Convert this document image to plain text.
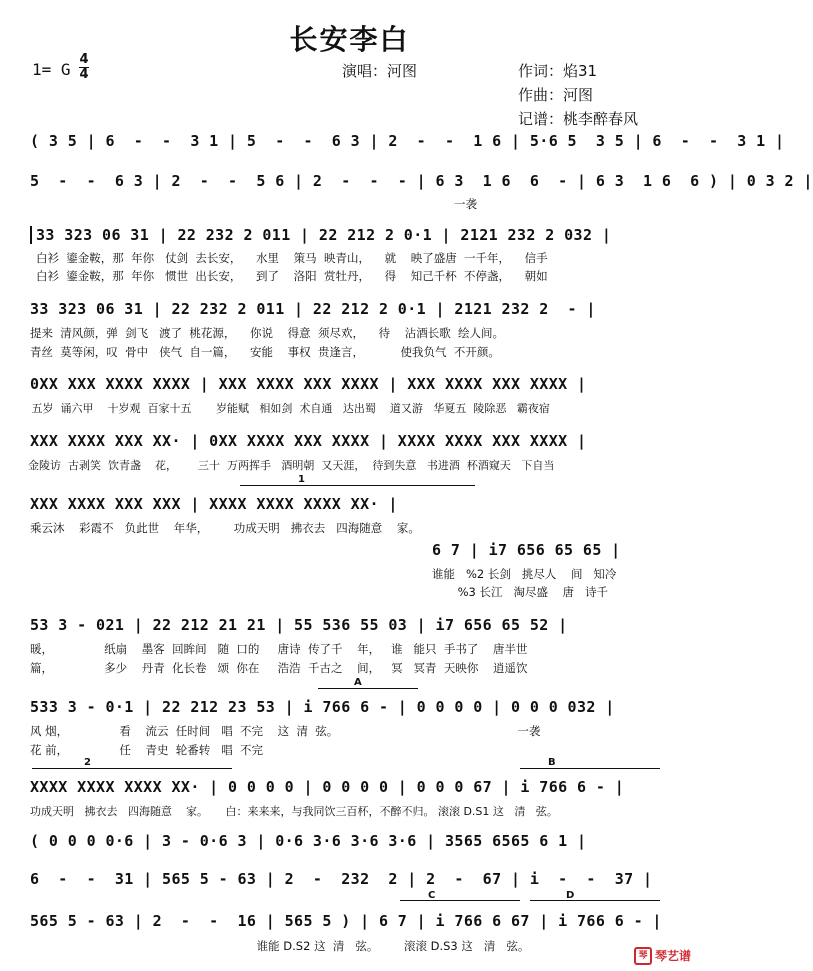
长安李白
演唱：河图	作词：焰31
作曲：河图
记谱：桃李醉春风
1= G
4
4
( 3 5 | 6  -  -  3 1 | 5  -  -  6 3 | 2  -  -  1 6 | 5·6 5  3 5 | 6  -  -  3 1 |
5  -  -  6 3 | 2  -  -  5 6 | 2  -  -  - | 6 3  1 6  6  - | 6 3  1 6  6 ) | 0 3 2 |
一袭
33 323 06 31 | 22 232 2 011 | 22 212 2 0·1 | 2121 232 2 032 |
白衫  鎏金鞍，那  年你   仗剑  去长安，    水里    策马  映青山，    就    映了盛唐  一千年，    信手
白衫  鎏金鞍，那  年你   惯世  出长安，    到了    洛阳  赏牡丹，    得    知己千杯  不停盏，    朝如
33 323 06 31 | 22 232 2 011 | 22 212 2 0·1 | 2121 232 2  - |
提来  清风颜，弹  剑飞   渡了  桃花源，    你说    得意  须尽欢，    待    沾酒长歌  绘人间。
青丝  莫等闲，叹  骨中   侠气  自一篇，    安能    事权  贵逢言，          使我负气  不开颜。
0XX XXX XXXX XXXX | XXX XXXX XXX XXXX | XXX XXXX XXX XXXX |
五岁  诵六甲    十岁观  百家十五       岁能赋   相如剑  术自通   达出蜀    道又游   华夏五  陵除恶   霸夜宿
XXX XXXX XXX XX· | 0XX XXXX XXX XXXX | XXXX XXXX XXX XXXX |
金陵访  古剥笑  饮青盏    花，      三十  万两挥手   酒明朝  又天涯，  待到失意   书进酒  杯酒窥天   下自当
1
XXX XXXX XXX XXX | XXXX XXXX XXXX XX· |
乘云沐    彩霞不   负此世    年华，       功成天明   拂衣去   四海随意    家。
6 7 | i7 656 65 65 |
谁能   %2 长剑   挑尽人    间   知冷
%3 长江   淘尽盛    唐   诗千
53 3 - 021 | 22 212 21 21 | 55 536 55 03 | i7 656 65 52 |
暖，              纸扇    墨客  回眸间   随  口的     唐诗  传了千    年，   谁   能只  手书了    唐半世
篇，              多少    丹青  化长卷   颂  你在     浩浩  千古之    间，   冥   冥青  天映你    逍遥饮
A
533 3 - 0·1 | 22 212 23 53 | i 766 6 - | 0 0 0 0 | 0 0 0 032 |
风 烟，              看    流云  任时间   唱  不完    这  清  弦。                                                 一袭
花 前，              任    青史  轮番转   唱  不完
2	B
XXXX XXXX XXXX XX· | 0 0 0 0 | 0 0 0 0 | 0 0 0 67 | i 766 6 - |
功成天明   拂衣去   四海随意    家。     白：来来来，与我同饮三百杯，不醉不归。 滚滚 D.S1 这   清   弦。
( 0 0 0 0·6 | 3 - 0·6 3 | 0·6 3·6 3·6 3·6 | 3565 6565 6 1 |
6  -  -  31 | 565 5 - 63 | 2  -  232  2 | 2  -  67 | i  -  -  37 |
C	D
565 5 - 63 | 2  -  -  16 | 565 5 ) | 6 7 | i 766 6 67 | i 766 6 - |
谁能 D.S2 这  清   弦。       滚滚 D.S3 这   清   弦。
琴 琴艺谱
